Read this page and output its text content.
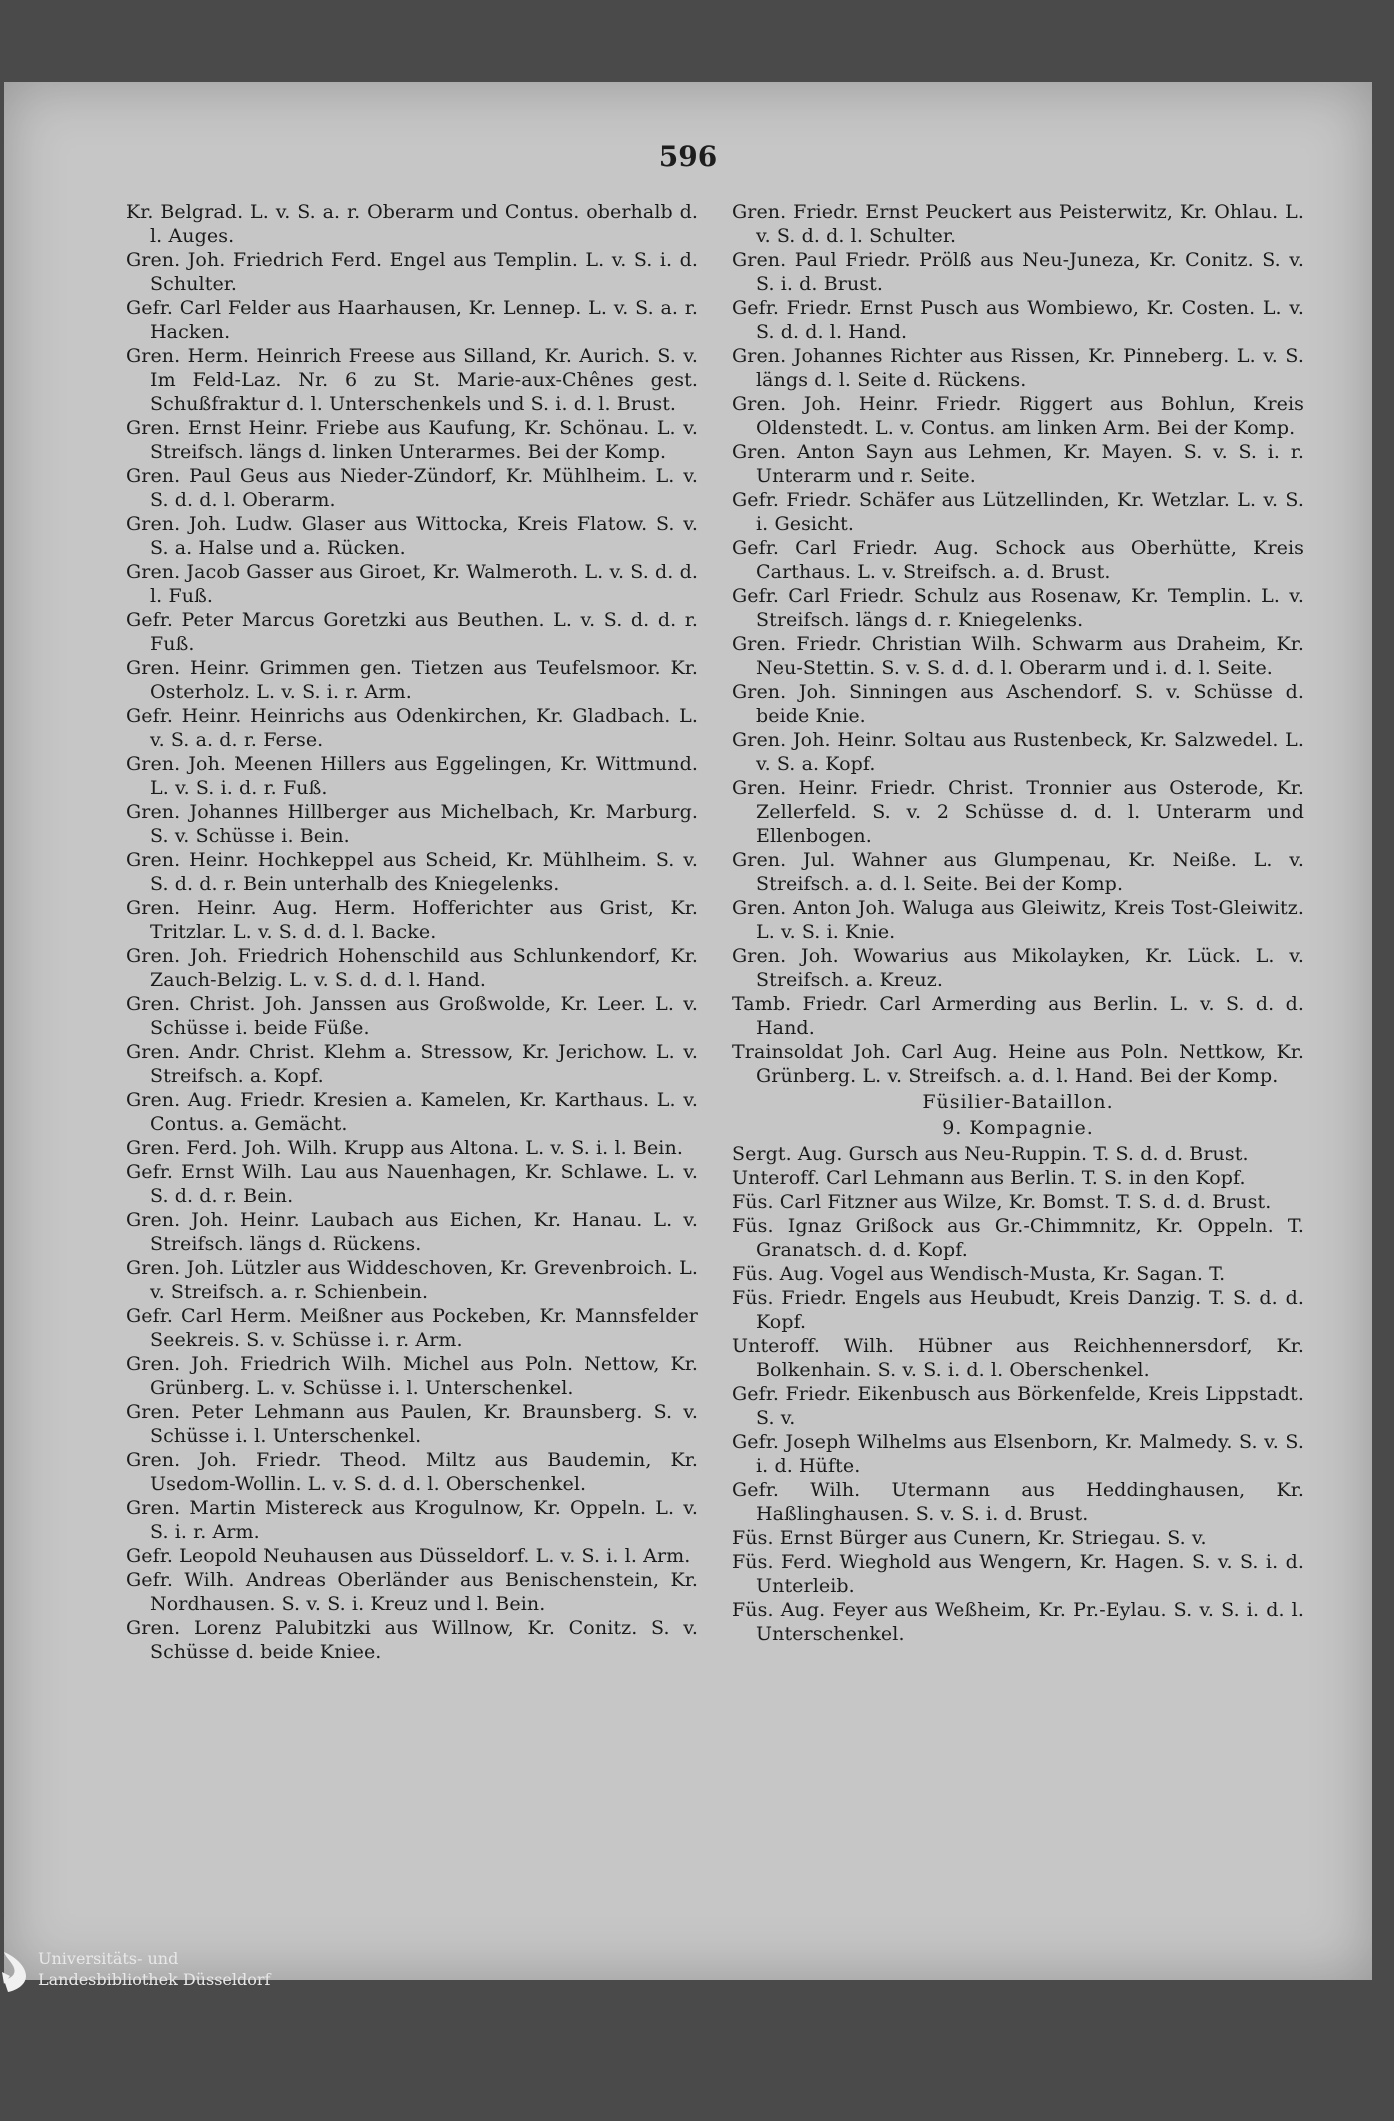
596

Kr. Belgrad. L. v. S. a. r. Oberarm und Contus. oberhalb d. l. Auges.

Gren. Joh. Friedrich Ferd. Engel aus Templin. L. v. S. i. d. Schulter.

Gefr. Carl Felder aus Haarhausen, Kr. Lennep. L. v. S. a. r. Hacken.

Gren. Herm. Heinrich Freese aus Silland, Kr. Aurich. S. v. Im Feld-Laz. Nr. 6 zu St. Marie-aux-Chênes gest. Schußfraktur d. l. Unterschenkels und S. i. d. l. Brust.

Gren. Ernst Heinr. Friebe aus Kaufung, Kr. Schönau. L. v. Streifsch. längs d. linken Unterarmes. Bei der Komp.

Gren. Paul Geus aus Nieder-Zündorf, Kr. Mühlheim. L. v. S. d. d. l. Oberarm.

Gren. Joh. Ludw. Glaser aus Wittocka, Kreis Flatow. S. v. S. a. Halse und a. Rücken.

Gren. Jacob Gasser aus Giroet, Kr. Walmeroth. L. v. S. d. d. l. Fuß.

Gefr. Peter Marcus Goretzki aus Beuthen. L. v. S. d. d. r. Fuß.

Gren. Heinr. Grimmen gen. Tietzen aus Teufelsmoor. Kr. Osterholz. L. v. S. i. r. Arm.

Gefr. Heinr. Heinrichs aus Odenkirchen, Kr. Gladbach. L. v. S. a. d. r. Ferse.

Gren. Joh. Meenen Hillers aus Eggelingen, Kr. Wittmund. L. v. S. i. d. r. Fuß.

Gren. Johannes Hillberger aus Michelbach, Kr. Marburg. S. v. Schüsse i. Bein.

Gren. Heinr. Hochkeppel aus Scheid, Kr. Mühlheim. S. v. S. d. d. r. Bein unterhalb des Kniegelenks.

Gren. Heinr. Aug. Herm. Hofferichter aus Grist, Kr. Tritzlar. L. v. S. d. d. l. Backe.

Gren. Joh. Friedrich Hohenschild aus Schlunkendorf, Kr. Zauch-Belzig. L. v. S. d. d. l. Hand.

Gren. Christ. Joh. Janssen aus Großwolde, Kr. Leer. L. v. Schüsse i. beide Füße.

Gren. Andr. Christ. Klehm a. Stressow, Kr. Jerichow. L. v. Streifsch. a. Kopf.

Gren. Aug. Friedr. Kresien a. Kamelen, Kr. Karthaus. L. v. Contus. a. Gemächt.

Gren. Ferd. Joh. Wilh. Krupp aus Altona. L. v. S. i. l. Bein.

Gefr. Ernst Wilh. Lau aus Nauenhagen, Kr. Schlawe. L. v. S. d. d. r. Bein.

Gren. Joh. Heinr. Laubach aus Eichen, Kr. Hanau. L. v. Streifsch. längs d. Rückens.

Gren. Joh. Lützler aus Widdeschoven, Kr. Grevenbroich. L. v. Streifsch. a. r. Schienbein.

Gefr. Carl Herm. Meißner aus Pockeben, Kr. Mannsfelder Seekreis. S. v. Schüsse i. r. Arm.

Gren. Joh. Friedrich Wilh. Michel aus Poln. Nettow, Kr. Grünberg. L. v. Schüsse i. l. Unterschenkel.

Gren. Peter Lehmann aus Paulen, Kr. Braunsberg. S. v. Schüsse i. l. Unterschenkel.

Gren. Joh. Friedr. Theod. Miltz aus Baudemin, Kr. Usedom-Wollin. L. v. S. d. d. l. Oberschenkel.

Gren. Martin Mistereck aus Krogulnow, Kr. Oppeln. L. v. S. i. r. Arm.

Gefr. Leopold Neuhausen aus Düsseldorf. L. v. S. i. l. Arm.

Gefr. Wilh. Andreas Oberländer aus Benischenstein, Kr. Nordhausen. S. v. S. i. Kreuz und l. Bein.

Gren. Lorenz Palubitzki aus Willnow, Kr. Conitz. S. v. Schüsse d. beide Kniee.

Gren. Friedr. Ernst Peuckert aus Peisterwitz, Kr. Ohlau. L. v. S. d. d. l. Schulter.

Gren. Paul Friedr. Prölß aus Neu-Juneza, Kr. Conitz. S. v. S. i. d. Brust.

Gefr. Friedr. Ernst Pusch aus Wombiewo, Kr. Costen. L. v. S. d. d. l. Hand.

Gren. Johannes Richter aus Rissen, Kr. Pinneberg. L. v. S. längs d. l. Seite d. Rückens.

Gren. Joh. Heinr. Friedr. Riggert aus Bohlun, Kreis Oldenstedt. L. v. Contus. am linken Arm. Bei der Komp.

Gren. Anton Sayn aus Lehmen, Kr. Mayen. S. v. S. i. r. Unterarm und r. Seite.

Gefr. Friedr. Schäfer aus Lützellinden, Kr. Wetzlar. L. v. S. i. Gesicht.

Gefr. Carl Friedr. Aug. Schock aus Oberhütte, Kreis Carthaus. L. v. Streifsch. a. d. Brust.

Gefr. Carl Friedr. Schulz aus Rosenaw, Kr. Templin. L. v. Streifsch. längs d. r. Kniegelenks.

Gren. Friedr. Christian Wilh. Schwarm aus Draheim, Kr. Neu-Stettin. S. v. S. d. d. l. Oberarm und i. d. l. Seite.

Gren. Joh. Sinningen aus Aschendorf. S. v. Schüsse d. beide Knie.

Gren. Joh. Heinr. Soltau aus Rustenbeck, Kr. Salzwedel. L. v. S. a. Kopf.

Gren. Heinr. Friedr. Christ. Tronnier aus Osterode, Kr. Zellerfeld. S. v. 2 Schüsse d. d. l. Unterarm und Ellenbogen.

Gren. Jul. Wahner aus Glumpenau, Kr. Neiße. L. v. Streifsch. a. d. l. Seite. Bei der Komp.

Gren. Anton Joh. Waluga aus Gleiwitz, Kreis Tost-Gleiwitz. L. v. S. i. Knie.

Gren. Joh. Wowarius aus Mikolayken, Kr. Lück. L. v. Streifsch. a. Kreuz.

Tamb. Friedr. Carl Armerding aus Berlin. L. v. S. d. d. Hand.

Trainsoldat Joh. Carl Aug. Heine aus Poln. Nettkow, Kr. Grünberg. L. v. Streifsch. a. d. l. Hand. Bei der Komp.

Füsilier-Bataillon.
9. Kompagnie.

Sergt. Aug. Gursch aus Neu-Ruppin. T. S. d. d. Brust.

Unteroff. Carl Lehmann aus Berlin. T. S. in den Kopf.

Füs. Carl Fitzner aus Wilze, Kr. Bomst. T. S. d. d. Brust.

Füs. Ignaz Grißock aus Gr.-Chimmnitz, Kr. Oppeln. T. Granatsch. d. d. Kopf.

Füs. Aug. Vogel aus Wendisch-Musta, Kr. Sagan. T.

Füs. Friedr. Engels aus Heubudt, Kreis Danzig. T. S. d. d. Kopf.

Unteroff. Wilh. Hübner aus Reichhennersdorf, Kr. Bolkenhain. S. v. S. i. d. l. Oberschenkel.

Gefr. Friedr. Eikenbusch aus Börkenfelde, Kreis Lippstadt. S. v.

Gefr. Joseph Wilhelms aus Elsenborn, Kr. Malmedy. S. v. S. i. d. Hüfte.

Gefr. Wilh. Utermann aus Heddinghausen, Kr. Haßlinghausen. S. v. S. i. d. Brust.

Füs. Ernst Bürger aus Cunern, Kr. Striegau. S. v.

Füs. Ferd. Wieghold aus Wengern, Kr. Hagen. S. v. S. i. d. Unterleib.

Füs. Aug. Feyer aus Weßheim, Kr. Pr.-Eylau. S. v. S. i. d. l. Unterschenkel.

Universitäts- und
Landesbibliothek Düsseldorf
